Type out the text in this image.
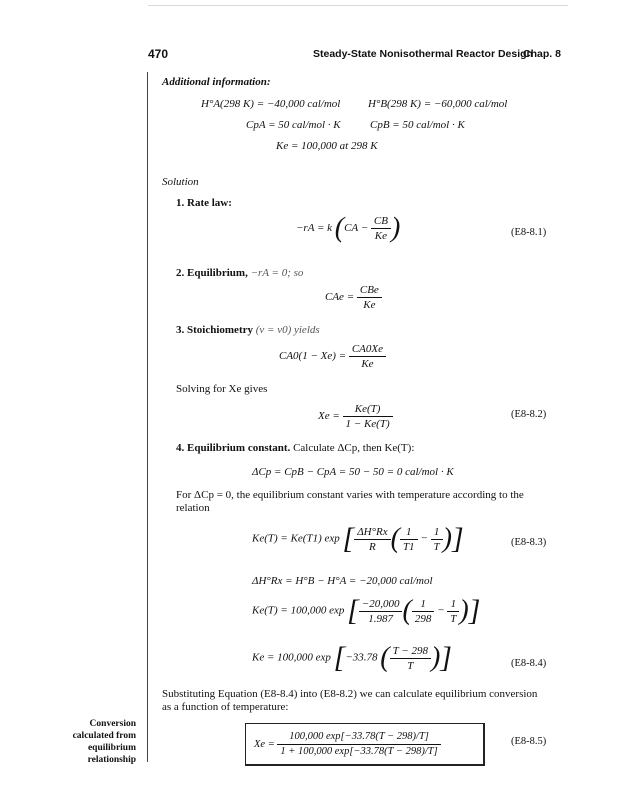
470	Steady-State Nonisothermal Reactor Design
Chap. 8
Additional information:
H°A(298 K) = −40,000 cal/mol	H°B(298 K) = −60,000 cal/mol
CpA = 50 cal/mol · K	CpB = 50 cal/mol · K
Ke = 100,000 at 298 K
Solution
1. Rate law:
−rA = k ($CA - \frac{CB}{Ke}$ )	(E8-8.1)
2. Equilibrium, −rA = 0; so
CAe = $\frac{\text{CBe}}{Ke}$
3. Stoichiometry (v = v0) yields
$CA0(1 - Xe) = \frac{CA0Xe}{Ke}$
Solving for Xe gives
$Xe = \frac{Ke(T)}{1 - Ke(T)}$	(E8-8.2)
4. Equilibrium constant. Calculate ΔCp, then Ke(T):
ΔCp = CpB − CpA = 50 − 50 = 0 cal/mol · K
For ΔCp = 0, the equilibrium constant varies with temperature according to the
relation
Ke(T) = Ke(T1) exp [ $\frac{\Delta H^\circ Rx}{R}$ ( $\frac{1}{T1} - \frac{1}{T}$ )]	(E8-8.3)
ΔH°Rx = H°B − H°A = −20,000 cal/mol
Ke(T) = 100,000 exp [ $\frac{-20,000}{1.987}$ ( $\frac{1}{298} - \frac{1}{T}$ )]
Ke = 100,000 exp [−33.78 ( $\frac{T - 298}{T}$ )]	(E8-8.4)
Substituting Equation (E8-8.4) into (E8-8.2) we can calculate equilibrium conversion
as a function of temperature:
$Xe = \frac{100,000 \exp[-33.78(T - 298)/T]}{1 + 100,000 \exp[-33.78(T - 298)/T]}$	(E8-8.5)
Conversion
calculated from
equilibrium
relationship
